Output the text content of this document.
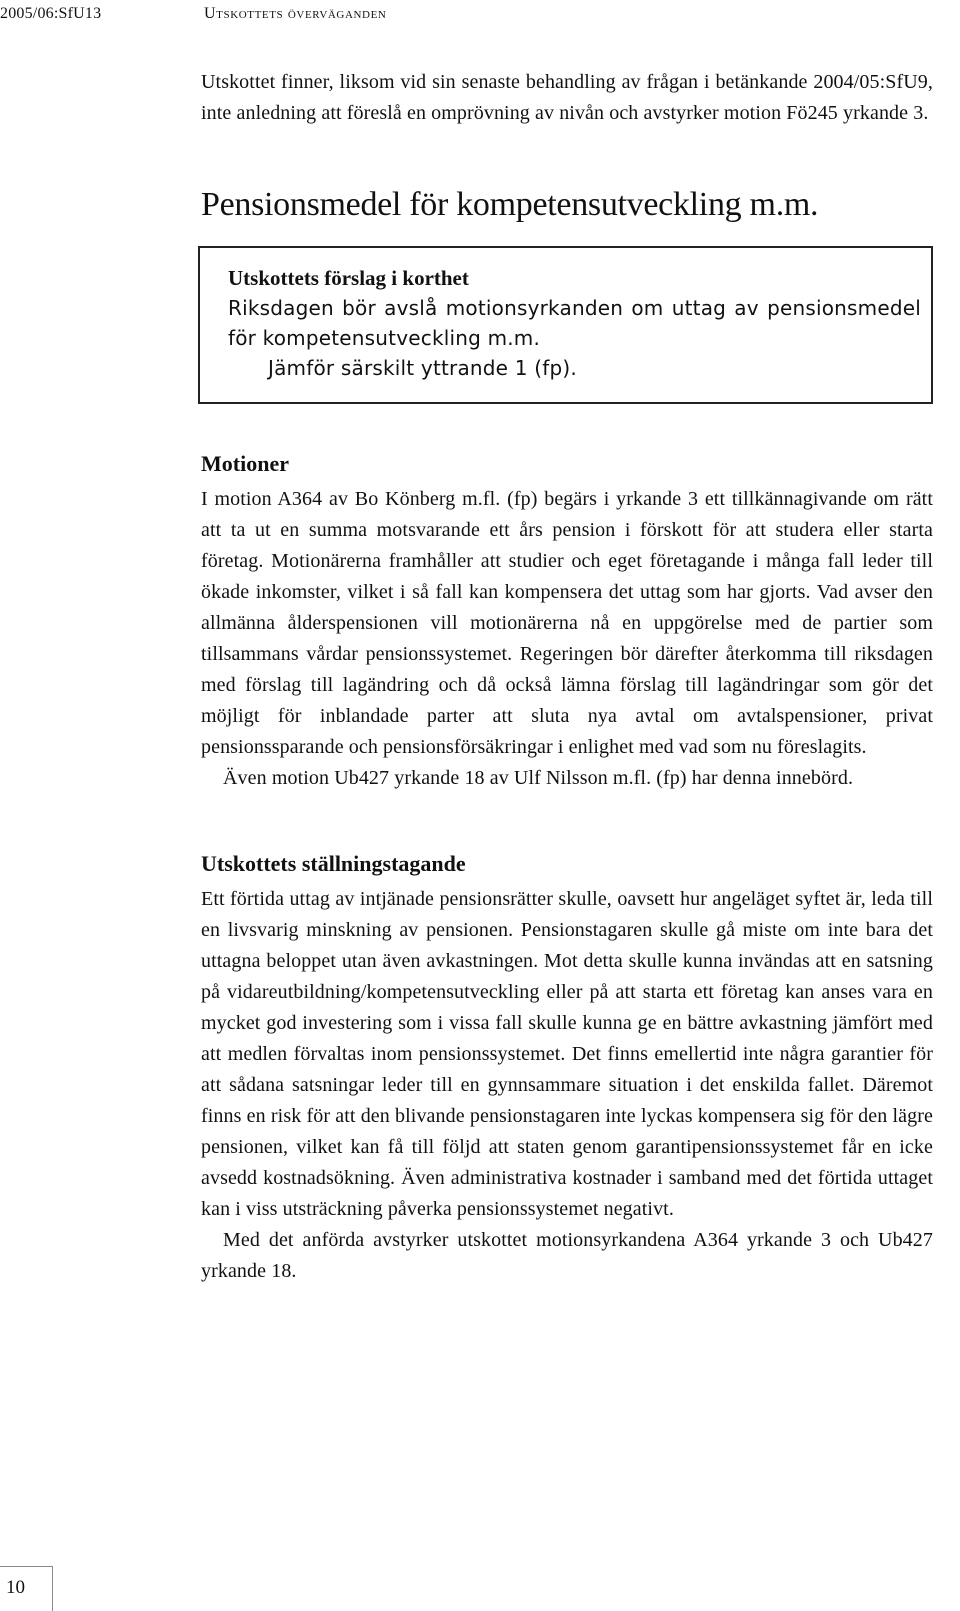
2005/06:SfU13	Utskottets överväganden

Utskottet finner, liksom vid sin senaste behandling av frågan i betänkande 2004/05:SfU9, inte anledning att föreslå en omprövning av nivån och avstyrker motion Fö245 yrkande 3.

Pensionsmedel för kompetensutveckling m.m.
Utskottets förslag i korthet

Riksdagen bör avslå motionsyrkanden om uttag av pensionsmedel för kompetensutveckling m.m.

Jämför särskilt yttrande 1 (fp).
Motioner

I motion A364 av Bo Könberg m.fl. (fp) begärs i yrkande 3 ett tillkännagivande om rätt att ta ut en summa motsvarande ett års pension i förskott för att studera eller starta företag. Motionärerna framhåller att studier och eget företagande i många fall leder till ökade inkomster, vilket i så fall kan kompensera det uttag som har gjorts. Vad avser den allmänna ålderspensionen vill motionärerna nå en uppgörelse med de partier som tillsammans vårdar pensionssystemet. Regeringen bör därefter återkomma till riksdagen med förslag till lagändring och då också lämna förslag till lagändringar som gör det möjligt för inblandade parter att sluta nya avtal om avtalspensioner, privat pensionssparande och pensionsförsäkringar i enlighet med vad som nu föreslagits.

Även motion Ub427 yrkande 18 av Ulf Nilsson m.fl. (fp) har denna innebörd.

Utskottets ställningstagande

Ett förtida uttag av intjänade pensionsrätter skulle, oavsett hur angeläget syftet är, leda till en livsvarig minskning av pensionen. Pensionstagaren skulle gå miste om inte bara det uttagna beloppet utan även avkastningen. Mot detta skulle kunna invändas att en satsning på vidareutbildning/kompetensutveckling eller på att starta ett företag kan anses vara en mycket god investering som i vissa fall skulle kunna ge en bättre avkastning jämfört med att medlen förvaltas inom pensionssystemet. Det finns emellertid inte några garantier för att sådana satsningar leder till en gynnsammare situation i det enskilda fallet. Däremot finns en risk för att den blivande pensionstagaren inte lyckas kompensera sig för den lägre pensionen, vilket kan få till följd att staten genom garantipensionssystemet får en icke avsedd kostnadsökning. Även administrativa kostnader i samband med det förtida uttaget kan i viss utsträckning påverka pensionssystemet negativt.

Med det anförda avstyrker utskottet motionsyrkandena A364 yrkande 3 och Ub427 yrkande 18.

10
